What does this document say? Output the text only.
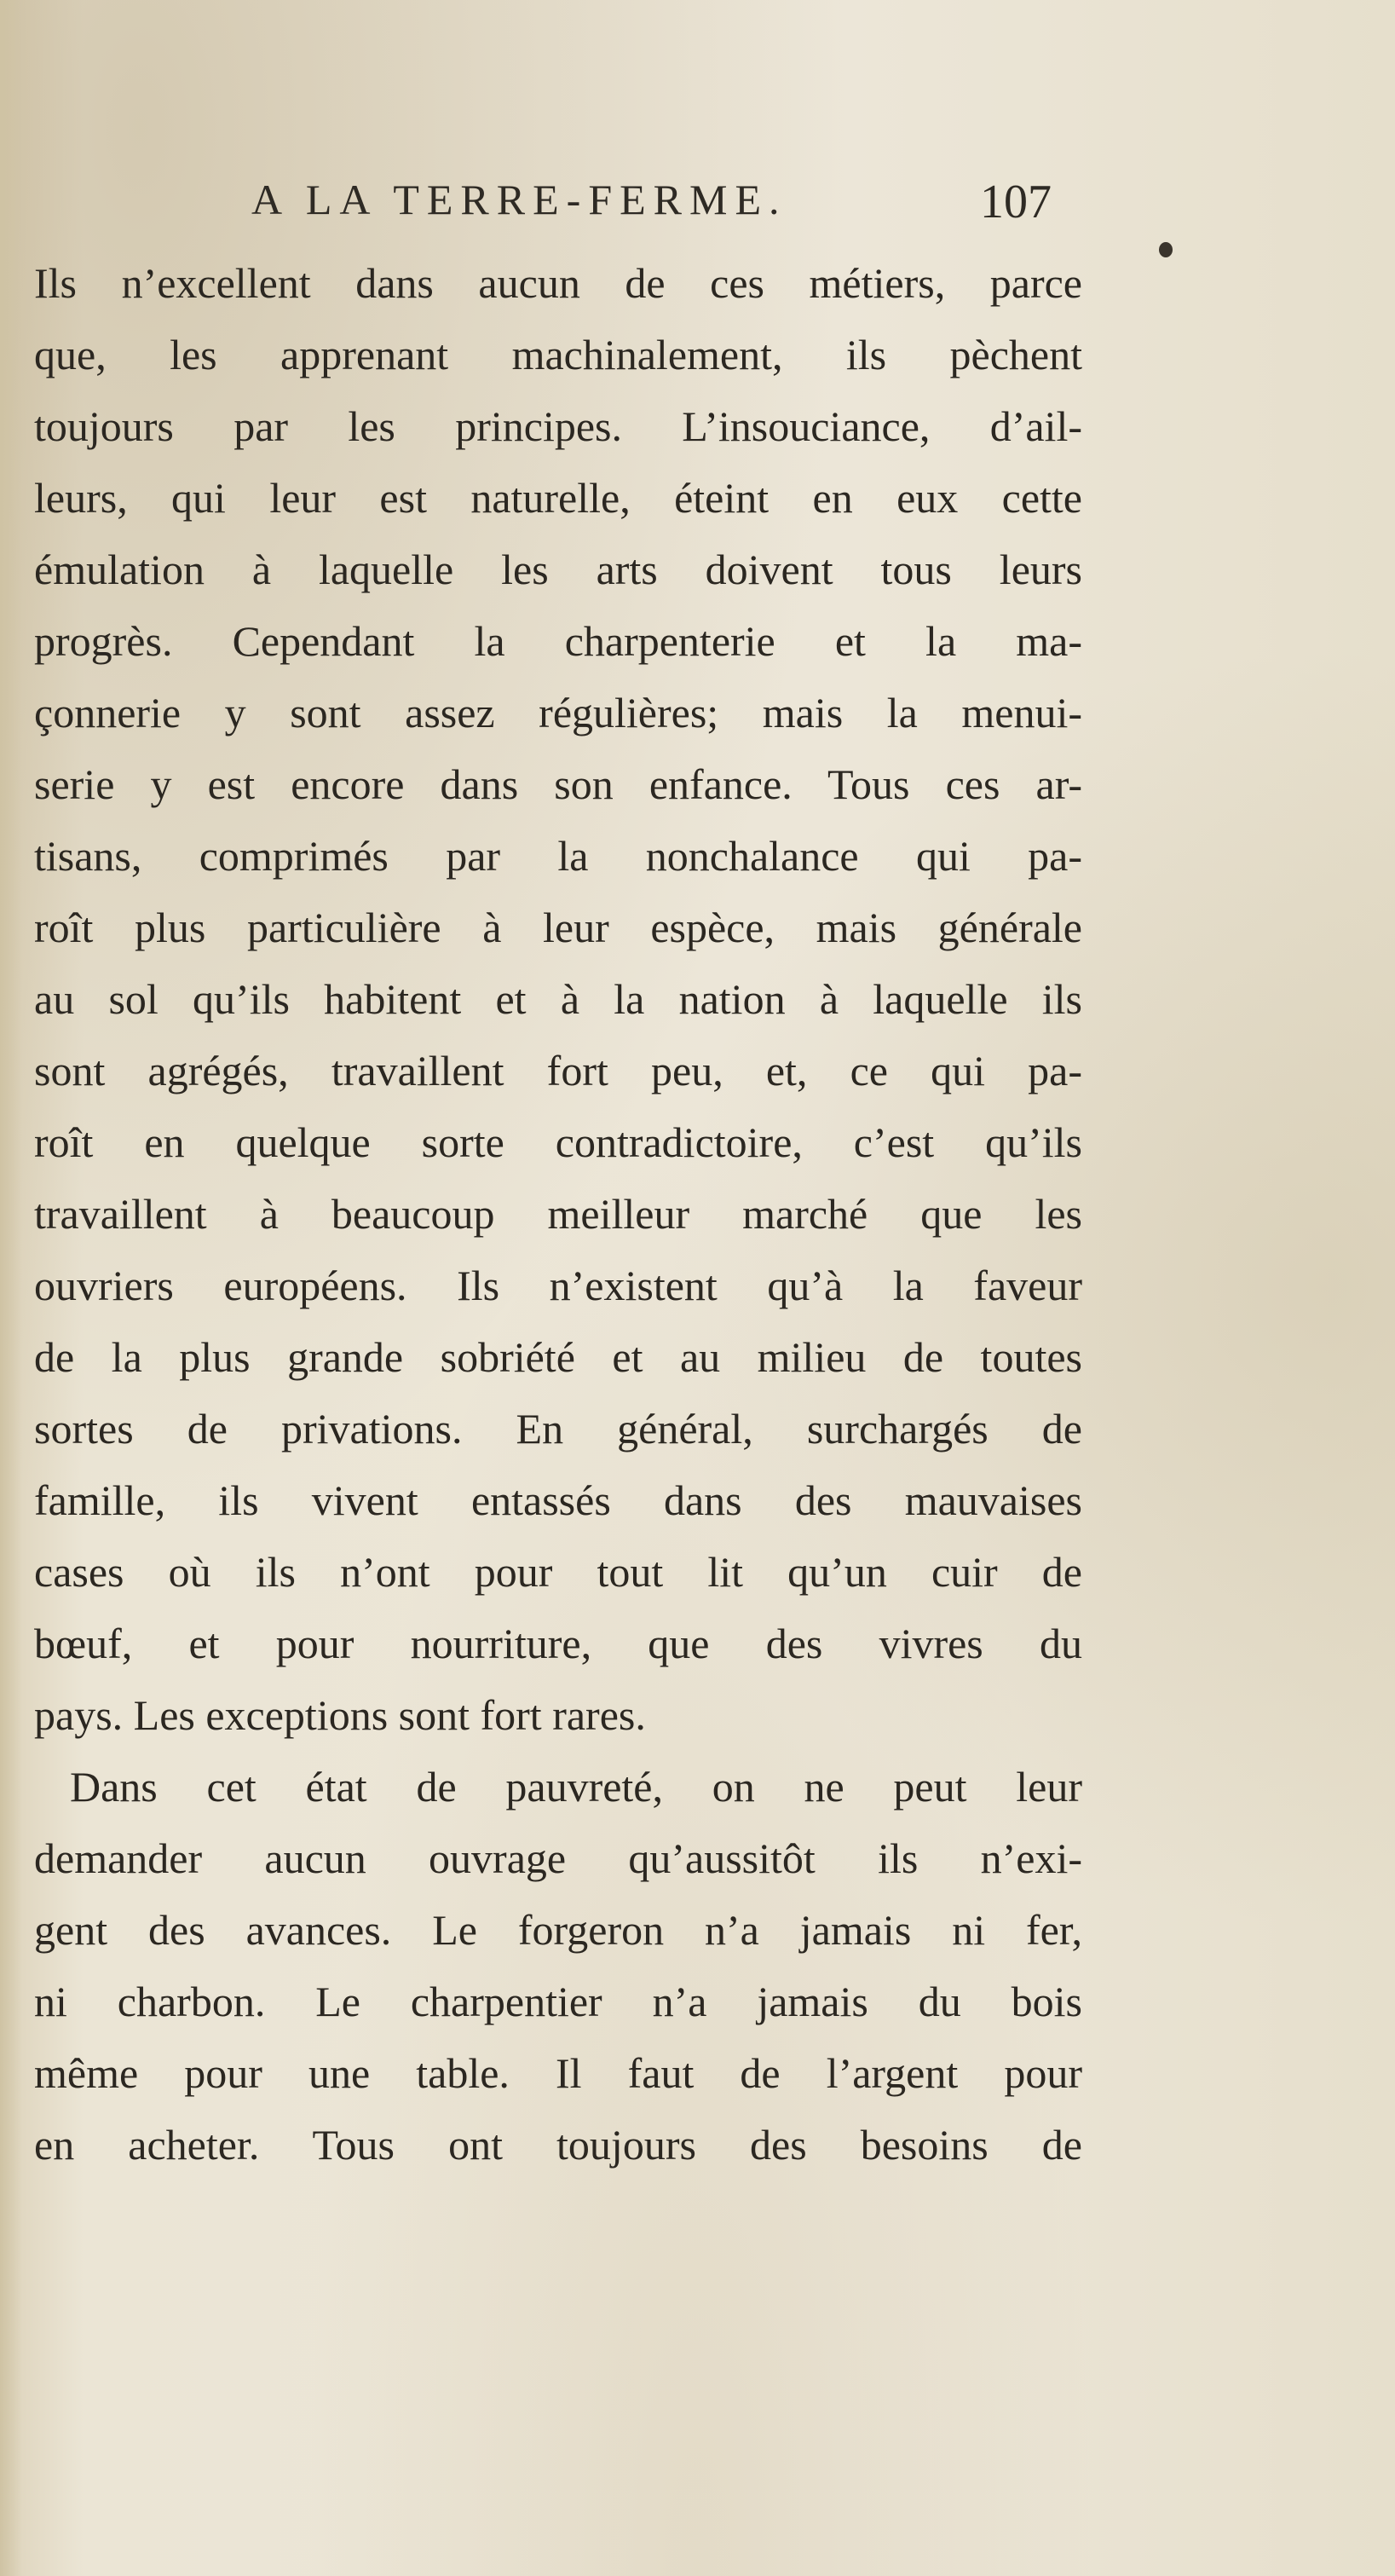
A LA TERRE-FERME.	107
Ils n’excellent dans aucun de ces métiers, parce
que, les apprenant machinalement, ils pèchent
toujours par les principes. L’insouciance, d’ail-
leurs, qui leur est naturelle, éteint en eux cette
émulation à laquelle les arts doivent tous leurs
progrès. Cependant la charpenterie et la ma-
çonnerie y sont assez régulières; mais la menui-
serie y est encore dans son enfance. Tous ces ar-
tisans, comprimés par la nonchalance qui pa-
roît plus particulière à leur espèce, mais générale
au sol qu’ils habitent et à la nation à laquelle ils
sont agrégés, travaillent fort peu, et, ce qui pa-
roît en quelque sorte contradictoire, c’est qu’ils
travaillent à beaucoup meilleur marché que les
ouvriers européens. Ils n’existent qu’à la faveur
de la plus grande sobriété et au milieu de toutes
sortes de privations. En général, surchargés de
famille, ils vivent entassés dans des mauvaises
cases où ils n’ont pour tout lit qu’un cuir de
bœuf, et pour nourriture, que des vivres du
pays. Les exceptions sont fort rares.
Dans cet état de pauvreté, on ne peut leur
demander aucun ouvrage qu’aussitôt ils n’exi-
gent des avances. Le forgeron n’a jamais ni fer,
ni charbon. Le charpentier n’a jamais du bois
même pour une table. Il faut de l’argent pour
en acheter. Tous ont toujours des besoins de
